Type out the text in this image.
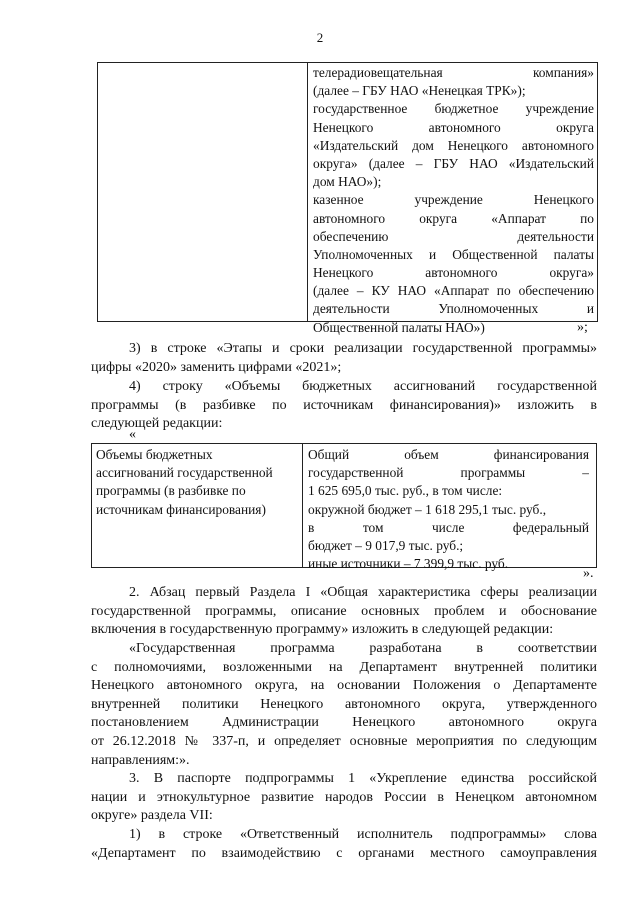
2
телерадиовещательная компания»
(далее – ГБУ НАО «Ненецкая ТРК»);
государственное бюджетное учреждение
Ненецкого автономного округа
«Издательский дом Ненецкого автономного
округа» (далее – ГБУ НАО «Издательский
дом НАО»);
казенное учреждение Ненецкого
автономного округа «Аппарат по
обеспечению деятельности
Уполномоченных и Общественной палаты
Ненецкого автономного округа»
(далее – КУ НАО «Аппарат по обеспечению
деятельности Уполномоченных и
Общественной палаты НАО»)	»;
3) в строке «Этапы и сроки реализации государственной программы»
цифры «2020» заменить цифрами «2021»;
4) строку «Объемы бюджетных ассигнований государственной
программы (в разбивке по источникам финансирования)» изложить в
следующей редакции:
«
Объемы бюджетных
ассигнований государственной
программы (в разбивке по
источникам финансирования)
Общий объем финансирования
государственной программы –
1 625 695,0 тыс. руб., в том числе:
окружной бюджет – 1 618 295,1 тыс. руб.,
в том числе федеральный
бюджет – 9 017,9 тыс. руб.;
иные источники – 7 399,9 тыс. руб.
».
2. Абзац первый Раздела I «Общая характеристика сферы реализации
государственной программы, описание основных проблем и обоснование
включения в государственную программу» изложить в следующей редакции:
«Государственная программа разработана в соответствии
с полномочиями, возложенными на Департамент внутренней политики
Ненецкого автономного округа, на основании Положения о Департаменте
внутренней политики Ненецкого автономного округа, утвержденного
постановлением Администрации Ненецкого автономного округа
от 26.12.2018 № 337-п, и определяет основные мероприятия по следующим
направлениям:».
3. В паспорте подпрограммы 1 «Укрепление единства российской
нации и этнокультурное развитие народов России в Ненецком автономном
округе» раздела VII:
1) в строке «Ответственный исполнитель подпрограммы» слова
«Департамент по взаимодействию с органами местного самоуправления
